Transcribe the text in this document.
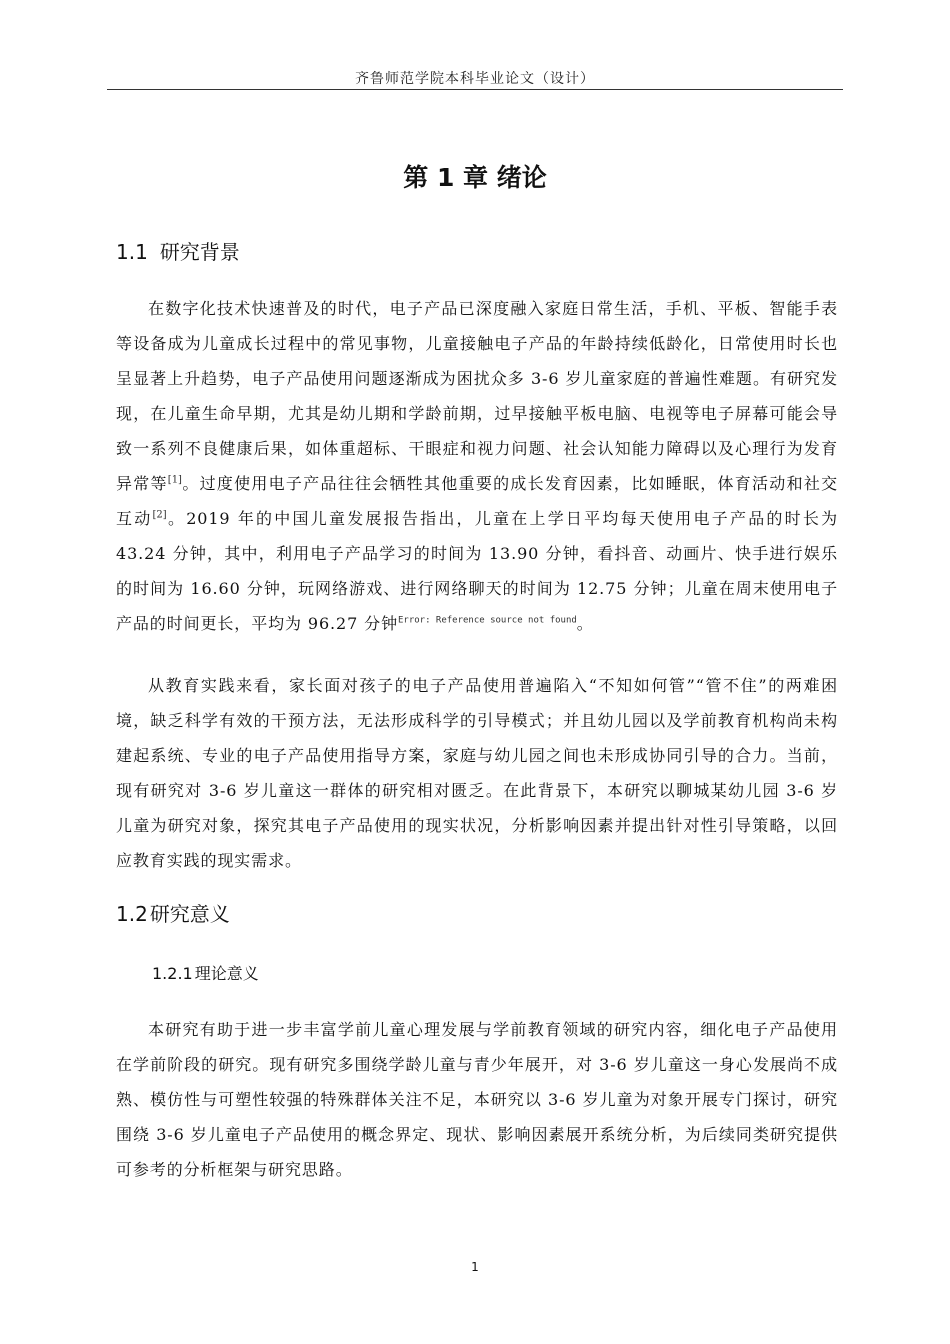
齐鲁师范学院本科毕业论文（设计）
第 1 章 绪论
1.1 研究背景

在数字化技术快速普及的时代，电子产品已深度融入家庭日常生活，手机、平板、智能手表等设备成为儿童成长过程中的常见事物，儿童接触电子产品的年龄持续低龄化，日常使用时长也呈显著上升趋势，电子产品使用问题逐渐成为困扰众多 3-6 岁儿童家庭的普遍性难题。有研究发现，在儿童生命早期，尤其是幼儿期和学龄前期，过早接触平板电脑、电视等电子屏幕可能会导致一系列不良健康后果，如体重超标、干眼症和视力问题、社会认知能力障碍以及心理行为发育异常等[1]。过度使用电子产品往往会牺牲其他重要的成长发育因素，比如睡眠，体育活动和社交互动[2]。2019 年的中国儿童发展报告指出，儿童在上学日平均每天使用电子产品的时长为 43.24 分钟，其中，利用电子产品学习的时间为 13.90 分钟，看抖音、动画片、快手进行娱乐的时间为 16.60 分钟，玩网络游戏、进行网络聊天的时间为 12.75 分钟；儿童在周末使用电子产品的时间更长，平均为 96.27 分钟$^{Error: Reference source not found}$。

从教育实践来看，家长面对孩子的电子产品使用普遍陷入“不知如何管”“管不住”的两难困境，缺乏科学有效的干预方法，无法形成科学的引导模式；并且幼儿园以及学前教育机构尚未构建起系统、专业的电子产品使用指导方案，家庭与幼儿园之间也未形成协同引导的合力。当前，现有研究对 3-6 岁儿童这一群体的研究相对匮乏。在此背景下，本研究以聊城某幼儿园 3-6 岁儿童为研究对象，探究其电子产品使用的现实状况，分析影响因素并提出针对性引导策略，以回应教育实践的现实需求。

1.2 研究意义
1.2.1 理论意义

本研究有助于进一步丰富学前儿童心理发展与学前教育领域的研究内容，细化电子产品使用在学前阶段的研究。现有研究多围绕学龄儿童与青少年展开，对 3-6 岁儿童这一身心发展尚不成熟、模仿性与可塑性较强的特殊群体关注不足，本研究以 3-6 岁儿童为对象开展专门探讨，研究围绕 3-6 岁儿童电子产品使用的概念界定、现状、影响因素展开系统分析，为后续同类研究提供可参考的分析框架与研究思路。

1
